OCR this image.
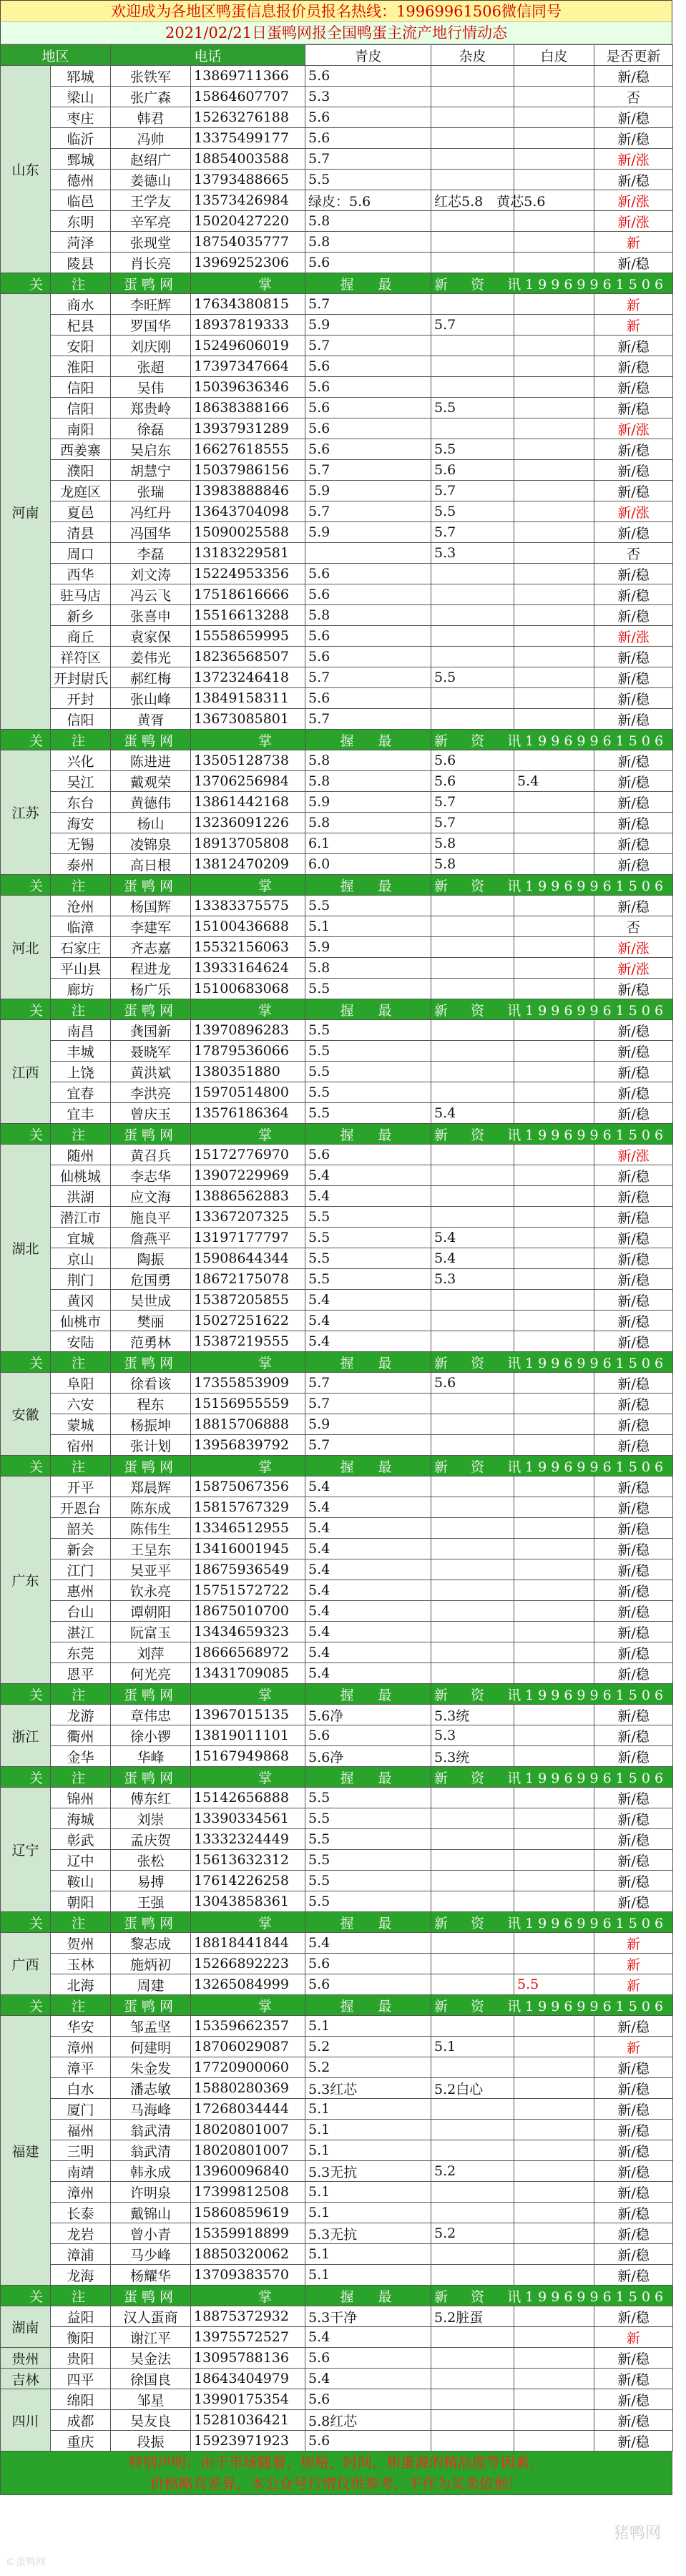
欢迎成为各地区鸭蛋信息报价员报名热线：19969961506微信同号
2021/02/21日蛋鸭网报全国鸭蛋主流产地行情动态
地区		电话		青皮	杂皮	白皮	是否更新
山东	郓城	张铁军	13869711366	5.6			新/稳
	梁山	张广森	15864607707	5.3			否
	枣庄	韩君	15263276188	5.6			新/稳
	临沂	冯帅	13375499177	5.6			新/稳
	鄄城	赵绍广	18854003588	5.7			新/涨
	德州	姜德山	13793488665	5.5			新/稳
	临邑	王学友	13573426984	绿皮：5.6	红芯5.8　黄芯5.6		新/涨
	东明	辛军亮	15020427220	5.8			新/涨
	菏泽	张现堂	18754035777	5.8			新
	陵县	肖长亮	13969252306	5.6			新/稳
关	注	蛋鸭网	掌	握 最	新 资 讯19969961506		
河南	商水	李旺辉	17634380815	5.7			新
	杞县	罗国华	18937819333	5.9	5.7		新
	安阳	刘庆刚	15249606019	5.7			新/稳
	淮阳	张超	17397347664	5.6			新/稳
	信阳	吴伟	15039636346	5.6			新/稳
	信阳	郑贵岭	18638388166	5.6	5.5		新/稳
	南阳	徐磊	13937931289	5.6			新/涨
	西姜寨	吴启东	16627618555	5.6	5.5		新/稳
	濮阳	胡慧宁	15037986156	5.7	5.6		新/稳
	龙庭区	张瑞	13983888846	5.9	5.7		新/稳
	夏邑	冯红丹	13643704098	5.7	5.5		新/涨
	清县	冯国华	15090025588	5.9	5.7		新/稳
	周口	李磊	13183229581		5.3		否
	西华	刘文涛	15224953356	5.6			新/稳
	驻马店	冯云飞	17518616666	5.6			新/稳
	新乡	张喜申	15516613288	5.8			新/稳
	商丘	袁家保	15558659995	5.6			新/涨
	祥符区	姜伟光	18236568507	5.6			新/稳
	开封尉氏	郝红梅	13723246418	5.7	5.5		新/稳
	开封	张山峰	13849158311	5.6			新/稳
	信阳	黄胥	13673085801	5.7			新/稳
关	注	蛋鸭网	掌	握 最	新 资 讯19969961506		
江苏	兴化	陈进进	13505128738	5.8	5.6		新/稳
	吴江	戴观荣	13706256984	5.8	5.6	5.4	新/稳
	东台	黄德伟	13861442168	5.9	5.7		新/稳
	海安	杨山	13236091226	5.8	5.7		新/稳
	无锡	凌锦泉	18913705808	6.1	5.8		新/稳
	泰州	高日根	13812470209	6.0	5.8		新/稳
关	注	蛋鸭网	掌	握 最	新 资 讯19969961506		
河北	沧州	杨国辉	13383375575	5.5			新/稳
	临漳	李建军	15100436688	5.1			否
	石家庄	齐志嘉	15532156063	5.9			新/涨
	平山县	程进龙	13933164624	5.8			新/涨
	廊坊	杨广乐	15100683068	5.5			新/稳
关	注	蛋鸭网	掌	握 最	新 资 讯19969961506		
江西	南昌	龚国新	13970896283	5.5			新/稳
	丰城	聂晓军	17879536066	5.5			新/稳
	上饶	黄洪斌	1380351880	5.5			新/稳
	宜春	李洪亮	15970514800	5.5			新/稳
	宜丰	曾庆玉	13576186364	5.5	5.4		新/稳
关	注	蛋鸭网	掌	握 最	新 资 讯19969961506		
湖北	随州	黄召兵	15172776970	5.6			新/涨
	仙桃城	李志华	13907229969	5.4			新/稳
	洪湖	应文海	13886562883	5.4			新/稳
	潜江市	施良平	13367207325	5.5			新/稳
	宜城	詹燕平	13197177797	5.5	5.4		新/稳
	京山	陶振	15908644344	5.5	5.4		新/稳
	荆门	危国勇	18672175078	5.5	5.3		新/稳
	黄冈	吴世成	15387205855	5.4			新/稳
	仙桃市	樊丽	15027251622	5.4			新/稳
	安陆	范勇林	15387219555	5.4			新/稳
关	注	蛋鸭网	掌	握 最	新 资 讯19969961506		
安徽	阜阳	徐看该	17355853909	5.7	5.6		新/稳
	六安	程东	15156955559	5.7			新/稳
	蒙城	杨振坤	18815706888	5.9			新/稳
	宿州	张计划	13956839792	5.7			新/稳
关	注	蛋鸭网	掌	握 最	新 资 讯19969961506		
广东	开平	郑晨辉	15875067356	5.4			新/稳
	开恩台	陈东成	15815767329	5.4			新/稳
	韶关	陈伟生	13346512955	5.4			新/稳
	新会	王呈东	13416001945	5.4			新/稳
	江门	吴亚平	18675936549	5.4			新/稳
	惠州	钦永亮	15751572722	5.4			新/稳
	台山	谭朝阳	18675010700	5.4			新/稳
	湛江	阮富玉	13434659323	5.4			新/稳
	东莞	刘萍	18666568972	5.4			新/稳
	恩平	何光亮	13431709085	5.4			新/稳
关	注	蛋鸭网	掌	握 最	新 资 讯19969961506		
浙江	龙游	章伟忠	13967015135	5.6净	5.3统		新/稳
	衢州	徐小锣	13819011101	5.6	5.3		新/稳
	金华	华峰	15167949868	5.6净	5.3统		新/稳
关	注	蛋鸭网	掌	握 最	新 资 讯19969961506		
辽宁	锦州	傅东红	15142656888	5.5			新/稳
	海城	刘崇	13390334561	5.5			新/稳
	彰武	孟庆贺	13332324449	5.5			新/稳
	辽中	张松	15613632312	5.5			新/稳
	鞍山	易搏	17614226258	5.5			新/稳
	朝阳	王强	13043858361	5.5			新/稳
关	注	蛋鸭网	掌	握 最	新 资 讯19969961506		
广西	贺州	黎志成	18818441844	5.4			新
	玉林	施炳初	15266892223	5.6			新
	北海	周建	13265084999	5.6		5.5	新
关	注	蛋鸭网	掌	握 最	新 资 讯19969961506		
福建	华安	邹孟坚	15359662357	5.1			新/稳
	漳州	何建明	18706029087	5.2	5.1		新
	漳平	朱金发	17720900060	5.2			新/稳
	白水	潘志敏	15880280369	5.3红芯	5.2白心		新/稳
	厦门	马海峰	17268034444	5.1			新/稳
	福州	翁武清	18020801007	5.1			新/稳
	三明	翁武清	18020801007	5.1			新/稳
	南靖	韩永成	13960096840	5.3无抗	5.2		新/稳
	漳州	许明泉	17399812508	5.1			新/稳
	长泰	戴锦山	15860859619	5.1			新/稳
	龙岩	曾小青	15359918899	5.3无抗	5.2		新/稳
	漳浦	马少峰	18850320062	5.1			新/稳
	龙海	杨耀华	13709383570	5.1			新/稳
关	注	蛋鸭网	掌	握 最	新 资 讯19969961506		
湖南	益阳	汉人蛋商	18875372932	5.3干净	5.2脏蛋		新/稳
	衡阳	谢江平	13975572527	5.4			新
贵州	贵阳	吴金法	13095788136	5.6			新/稳
吉林	四平	徐国良	18643404979	5.4			新/稳
四川	绵阳	邹星	13990175354	5.6			新/稳
	成都	吴友良	15281036421	5.8红芯			新/稳
	重庆	段振	15923971923	5.6			新/稳
特别声明：由于市场随着，规格，时间，和蛋源的精品度等因素，
价格略有差异，本公众号行情仅供参考，不作为买卖依据！
猪鸭网
©蛋鸭网
